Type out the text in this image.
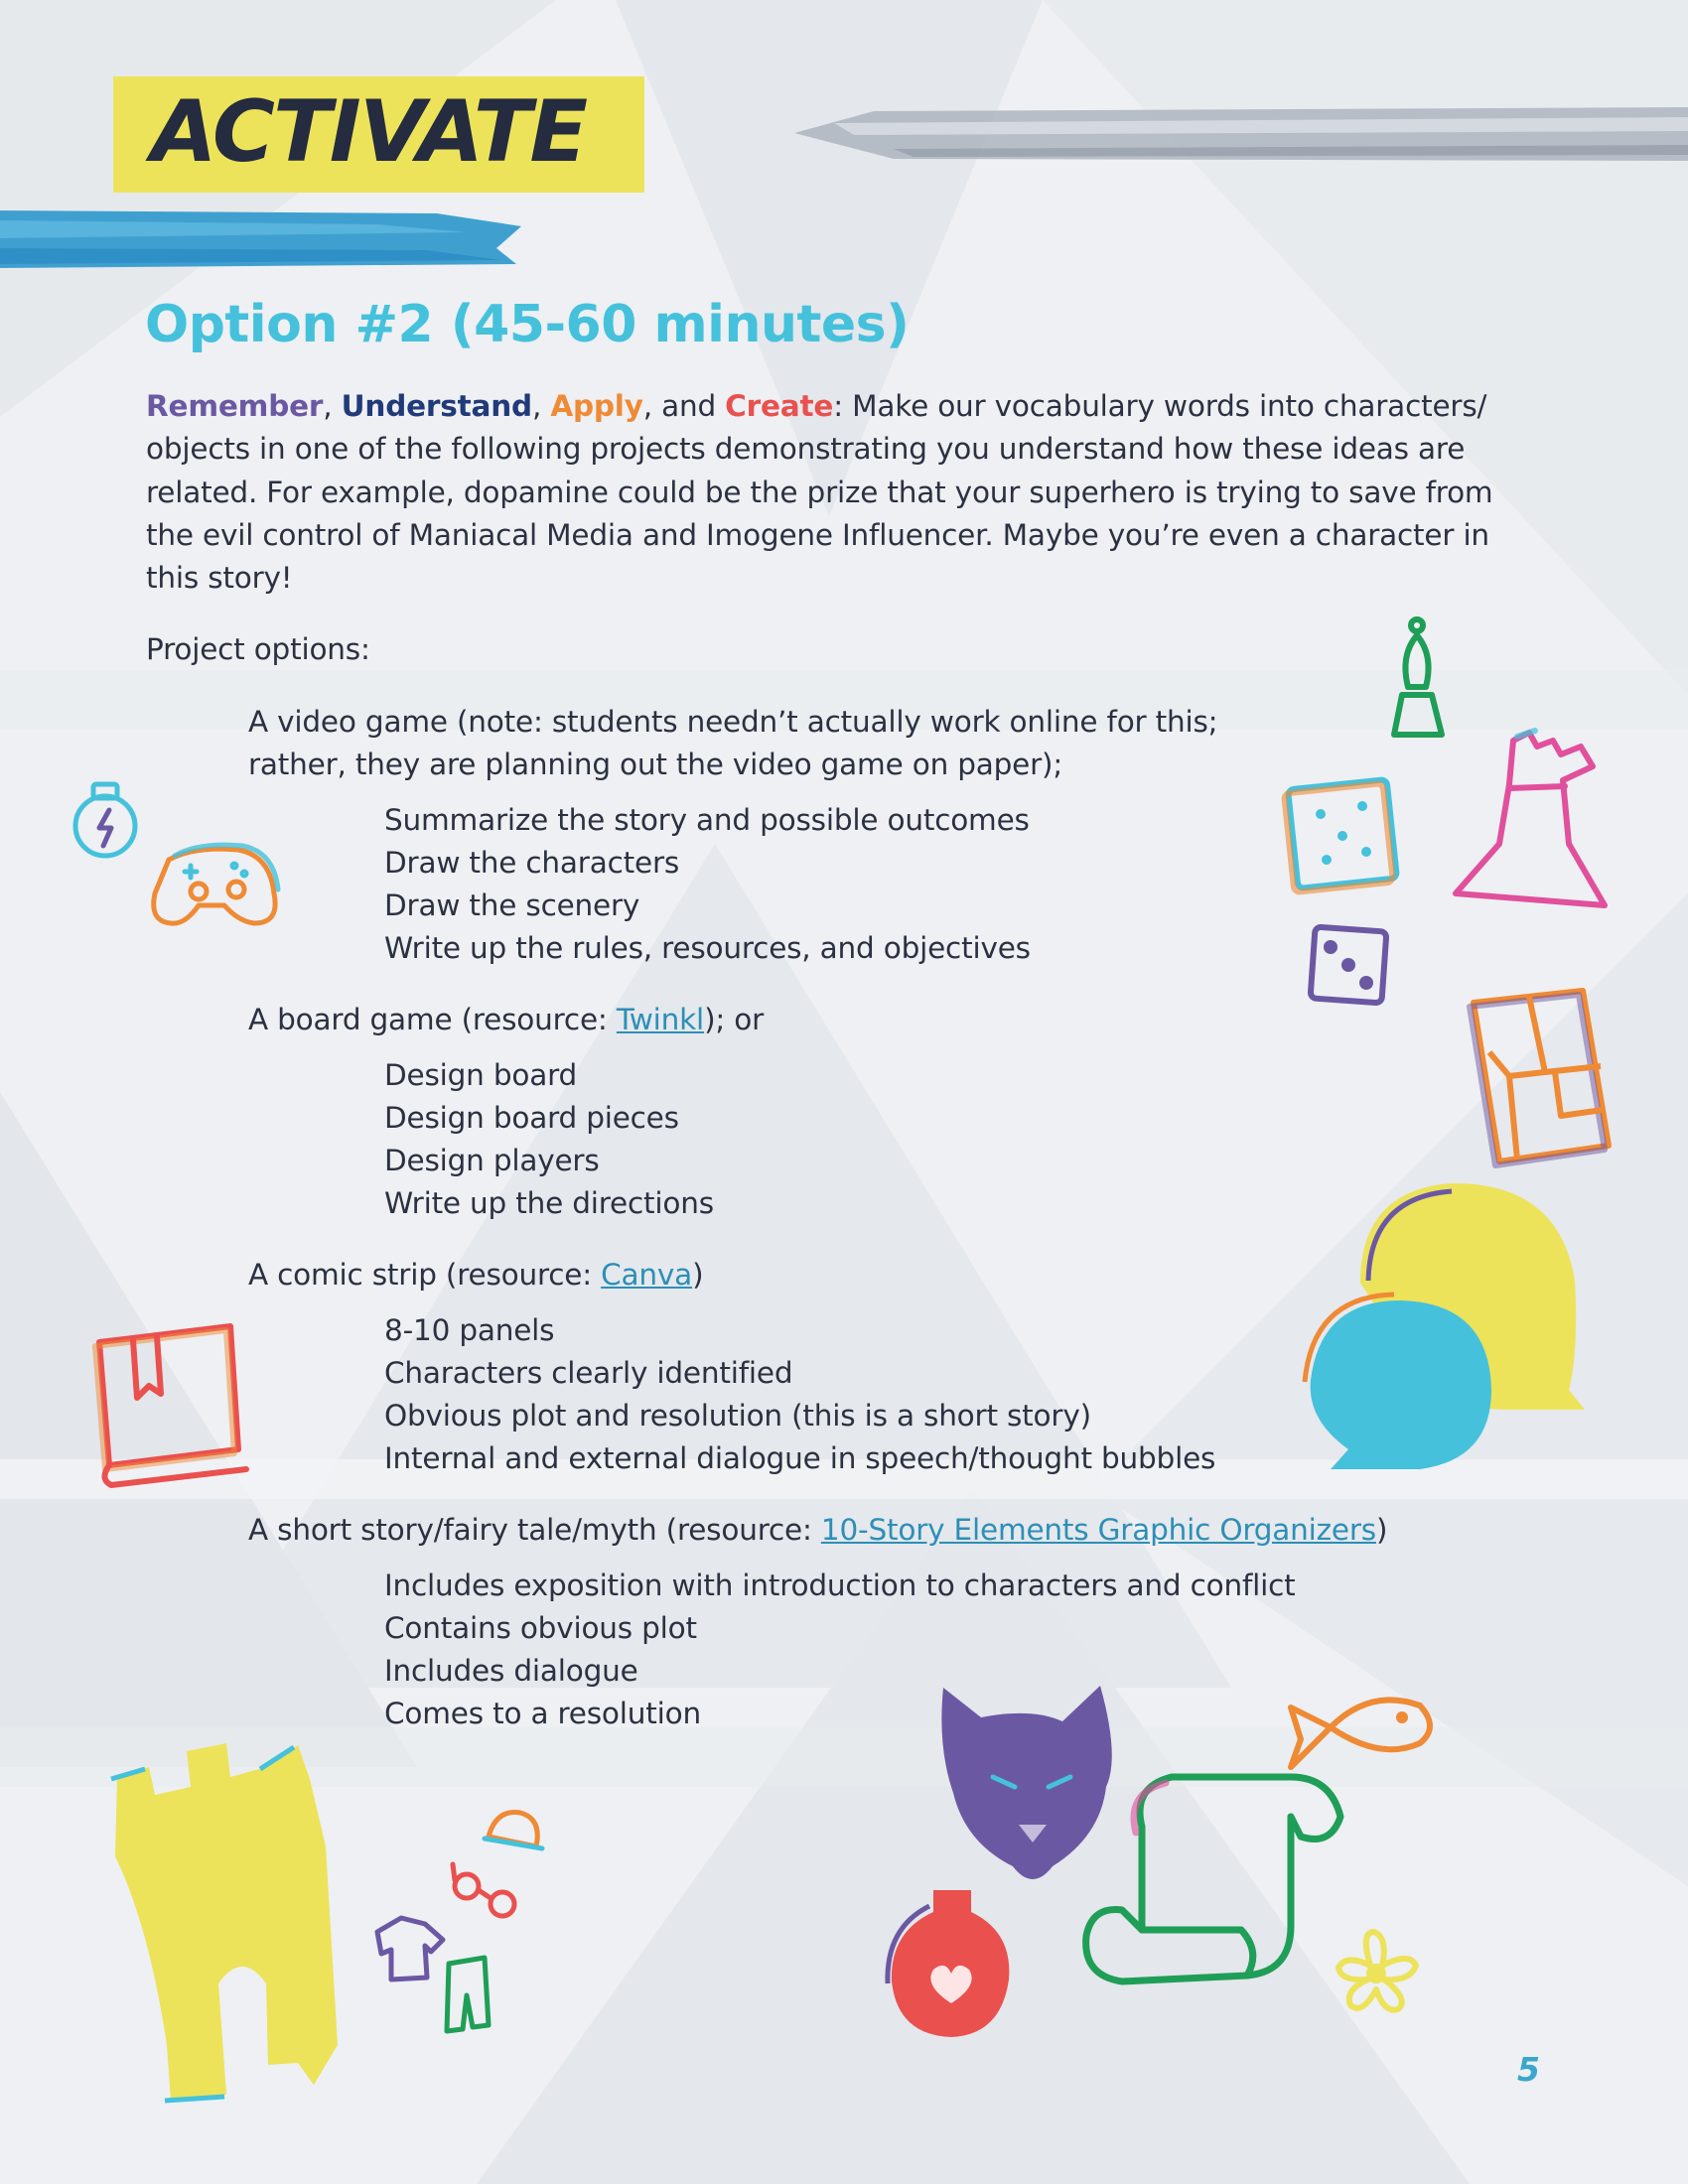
ACTIVATE
Option #2 (45-60 minutes)
Remember, Understand, Apply, and Create: Make our vocabulary words into characters/ objects in one of the following projects demonstrating you understand how these ideas are related. For example, dopamine could be the prize that your superhero is trying to save from the evil control of Maniacal Media and Imogene Influencer. Maybe you’re even a character in this story!
Project options:
A video game (note: students needn’t actually work online for this;
rather, they are planning out the video game on paper);
Summarize the story and possible outcomes
Draw the characters
Draw the scenery
Write up the rules, resources, and objectives
A board game (resource: Twinkl); or
Design board
Design board pieces
Design players
Write up the directions
A comic strip (resource: Canva)
8-10 panels
Characters clearly identified
Obvious plot and resolution (this is a short story)
Internal and external dialogue in speech/thought bubbles
A short story/fairy tale/myth (resource: 10-Story Elements Graphic Organizers)
Includes exposition with introduction to characters and conflict
Contains obvious plot
Includes dialogue
Comes to a resolution
5
